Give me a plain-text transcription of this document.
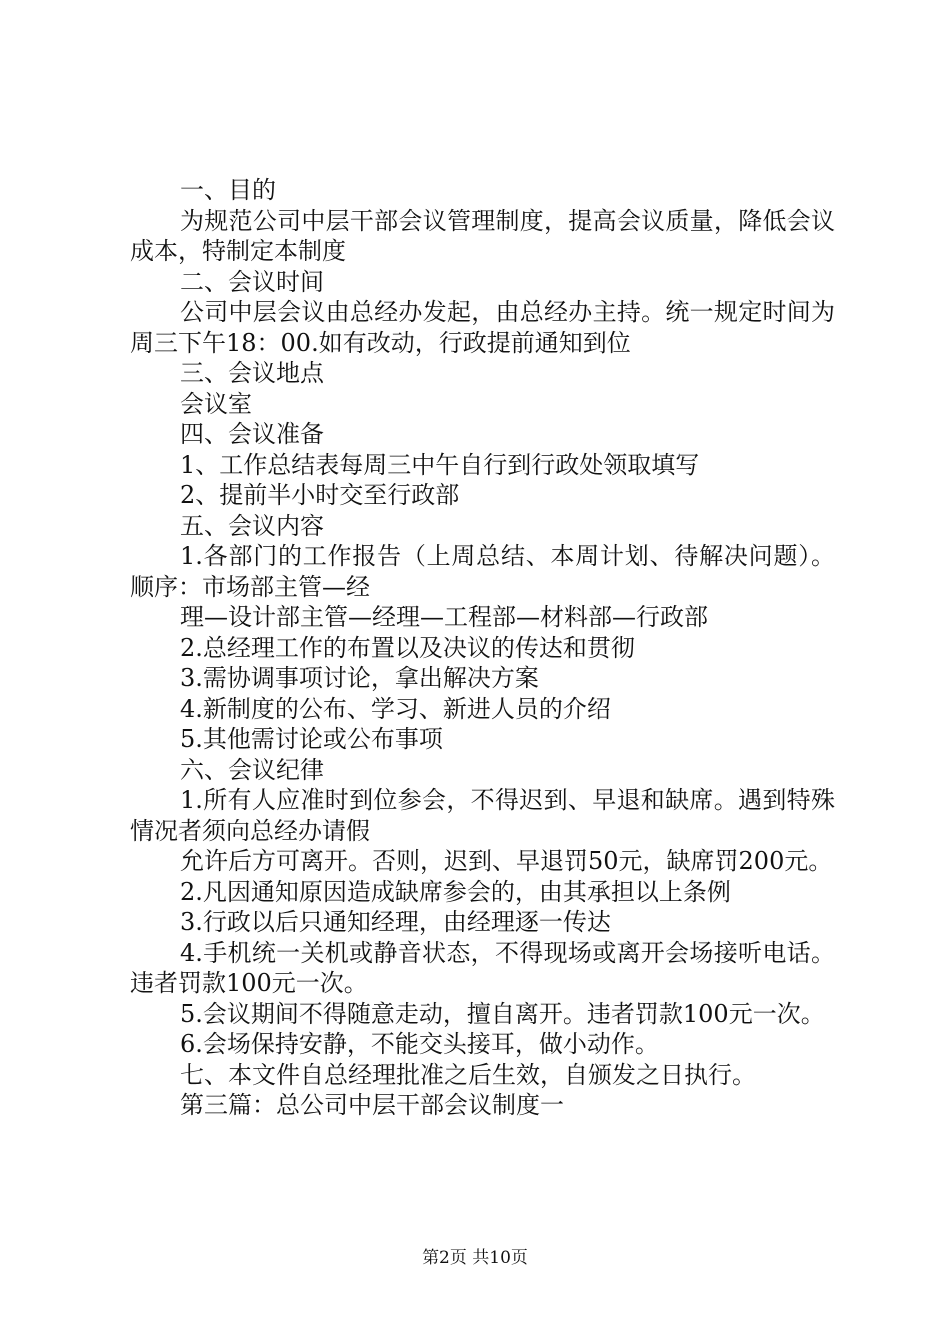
一、目的
为规范公司中层干部会议管理制度，提高会议质量，降低会议成本，特制定本制度
二、会议时间
公司中层会议由总经办发起，由总经办主持。统一规定时间为周三下午18：00.如有改动，行政提前通知到位
三、会议地点
会议室
四、会议准备
1、工作总结表每周三中午自行到行政处领取填写
2、提前半小时交至行政部
五、会议内容
1.各部门的工作报告（上周总结、本周计划、待解决问题）。顺序：市场部主管—经
理—设计部主管—经理—工程部—材料部—行政部
2.总经理工作的布置以及决议的传达和贯彻
3.需协调事项讨论，拿出解决方案
4.新制度的公布、学习、新进人员的介绍
5.其他需讨论或公布事项
六、会议纪律
1.所有人应准时到位参会，不得迟到、早退和缺席。遇到特殊情况者须向总经办请假
允许后方可离开。否则，迟到、早退罚50元，缺席罚200元。
2.凡因通知原因造成缺席参会的，由其承担以上条例
3.行政以后只通知经理，由经理逐一传达
4.手机统一关机或静音状态，不得现场或离开会场接听电话。违者罚款100元一次。
5.会议期间不得随意走动，擅自离开。违者罚款100元一次。
6.会场保持安静，不能交头接耳，做小动作。
七、本文件自总经理批准之后生效，自颁发之日执行。
第三篇：总公司中层干部会议制度一
第2页 共10页
